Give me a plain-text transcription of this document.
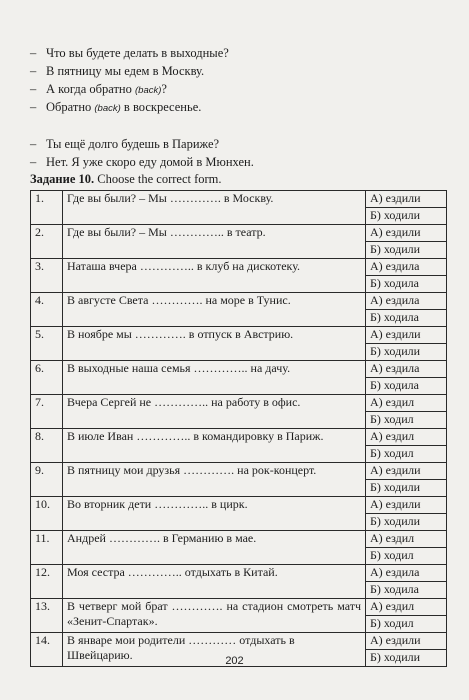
– Что вы будете делать в выходные?
– В пятницу мы едем в Москву.
– А когда обратно (back)?
– Обратно (back) в воскресенье.
– Ты ещё долго будешь в Париже?
– Нет. Я уже скоро еду домой в Мюнхен.
Задание 10. Choose the correct form.
1.	Где вы были? – Мы …………. в Москву.	А) ездили
		Б) ходили
2.	Где вы были? – Мы ………….. в театр.	А) ездили
		Б) ходили
3.	Наташа вчера ………….. в клуб на дискотеку.	А) ездила
		Б) ходила
4.	В августе Света …………. на море в Тунис.	А) ездила
		Б) ходила
5.	В ноябре мы …………. в отпуск в Австрию.	А) ездили
		Б) ходили
6.	В выходные наша семья ………….. на дачу.	А) ездила
		Б) ходила
7.	Вчера Сергей не ………….. на работу в офис.	А) ездил
		Б) ходил
8.	В июле Иван ………….. в командировку в Париж.	А) ездил
		Б) ходил
9.	В пятницу мои друзья …………. на рок-концерт.	А) ездили
		Б) ходили
10.	Во вторник дети ………….. в цирк.	А) ездили
		Б) ходили
11.	Андрей …………. в Германию в мае.	А) ездил
		Б) ходил
12.	Моя сестра ………….. отдыхать в Китай.	А) ездила
		Б) ходила
13.	В четверг мой брат …………. на стадион смотреть матч «Зенит-Спартак».	А) ездил
		Б) ходил
14.	В январе мои родители ………… отдыхать в Швейцарию.	А) ездили
		Б) ходили
202
